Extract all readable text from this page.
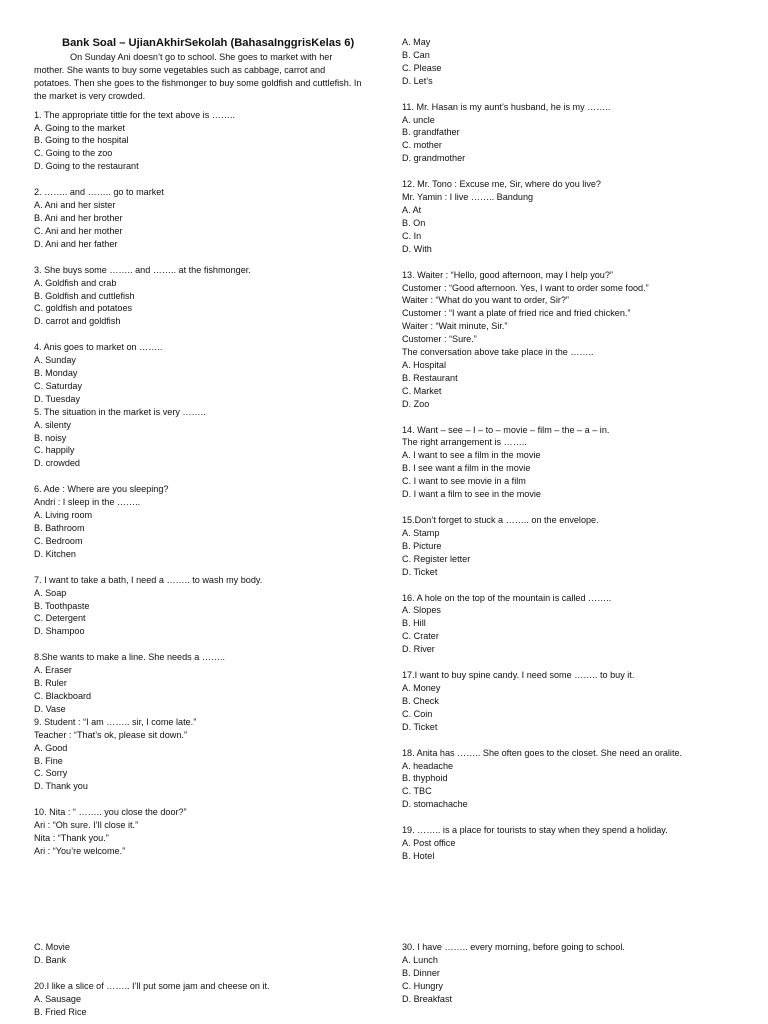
Bank Soal – UjianAkhirSekolah (BahasaInggrisKelas 6)
On Sunday Ani doesn’t go to school. She goes to market with her mother. She wants to buy some vegetables such as cabbage, carrot and potatoes. Then she goes to the fishmonger to buy some goldfish and cuttlefish. In the market is very crowded.
1. The appropriate tittle for the text above is ……..
A. Going to the market
B. Going to the hospital
C. Going to the zoo
D. Going to the restaurant
2. …….. and …….. go to market
A. Ani and her sister
B. Ani and her brother
C. Ani and her mother
D. Ani and her father
3. She buys some …….. and …….. at the fishmonger.
A. Goldfish and crab
B. Goldfish and cuttlefish
C. goldfish and potatoes
D. carrot and goldfish
4. Anis goes to market on ……..
A. Sunday
B. Monday
C. Saturday
D. Tuesday
5. The situation in the market is very ……..
A. silenty
B. noisy
C. happily
D. crowded
6. Ade : Where are you sleeping?
Andri : I sleep in the ……..
A. Living room
B. Bathroom
C. Bedroom
D. Kitchen
7. I want to take a bath, I need a …….. to wash my body.
A. Soap
B. Toothpaste
C. Detergent
D. Shampoo
8.She wants to make a line. She needs a ……..
A. Eraser
B. Ruler
C. Blackboard
D. Vase
9. Student : “I am …….. sir, I come late.”
Teacher : “That’s ok, please sit down.”
A. Good
B. Fine
C. Sorry
D. Thank you
10. Nita : “ …….. you close the door?”
Ari : “Oh sure. I’ll close it.”
Nita : “Thank you.”
Ari : “You’re welcome.”
A. May
B. Can
C. Please
D. Let’s
11. Mr. Hasan is my aunt’s husband, he is my ……..
A. uncle
B. grandfather
C. mother
D. grandmother
12. Mr. Tono : Excuse me, Sir, where do you live?
Mr. Yamin : I live …….. Bandung
A. At
B. On
C. In
D. With
13. Waiter : “Hello, good afternoon, may I help you?”
Customer : “Good afternoon. Yes, I want to order some food.”
Waiter : “What do you want to order, Sir?”
Customer : “I want a plate of fried rice and fried chicken.”
Waiter : “Wait minute, Sir.”
Customer : “Sure.”
The conversation above take place in the ……..
A. Hospital
B. Restaurant
C. Market
D. Zoo
14. Want – see – I – to – movie – film – the – a – in.
The right arrangement is ……..
A. I want to see a film in the movie
B. I see want a film in the movie
C. I want to see movie in a film
D. I want a film to see in the movie
15.Don’t forget to stuck a …….. on the envelope.
A. Stamp
B. Picture
C. Register letter
D. Ticket
16. A hole on the top of the mountain is called ……..
A. Slopes
B. Hill
C. Crater
D. River
17.I want to buy spine candy. I need some …….. to buy it.
A. Money
B. Check
C. Coin
D. Ticket
18. Anita has …….. She often goes to the closet. She need an oralite.
A. headache
B. thyphoid
C. TBC
D. stomachache
19. …….. is a place for tourists to stay when they spend a holiday.
A. Post office
B. Hotel
C. Movie
D. Bank
20.I like a slice of …….. I’ll put some jam and cheese on it.
A. Sausage
B. Fried Rice
30. I have …….. every morning, before going to school.
A. Lunch
B. Dinner
C. Hungry
D. Breakfast
